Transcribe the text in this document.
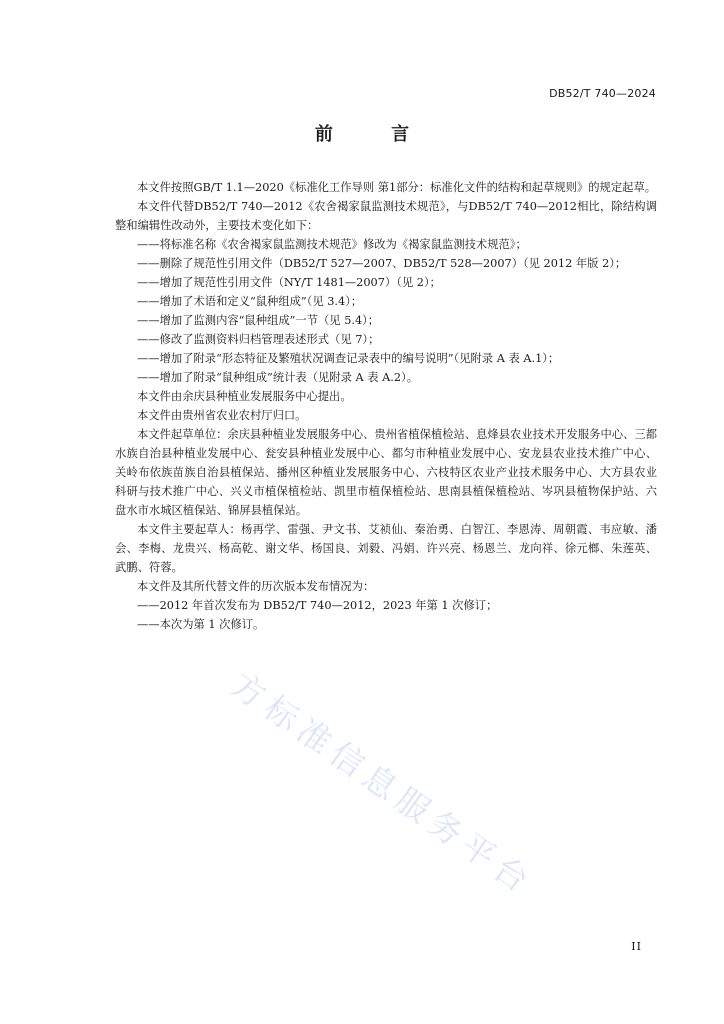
DB52/T 740—2024
前 言

本文件按照GB/T 1.1—2020《标准化工作导则 第1部分：标准化文件的结构和起草规则》的规定起草。

本文件代替DB52/T 740—2012《农舍褐家鼠监测技术规范》，与DB52/T 740—2012相比，除结构调整和编辑性改动外，主要技术变化如下：

——将标准名称《农舍褐家鼠监测技术规范》修改为《褐家鼠监测技术规范》；

——删除了规范性引用文件（DB52/T 527—2007、DB52/T 528—2007）（见 2012 年版 2）；

——增加了规范性引用文件（NY/T 1481—2007）（见 2）；

——增加了术语和定义“鼠种组成”（见 3.4）；

——增加了监测内容“鼠种组成”一节（见 5.4）；

——修改了监测资料归档管理表述形式（见 7）；

——增加了附录“形态特征及繁殖状况调查记录表中的编号说明”（见附录 A 表 A.1）；

——增加了附录“鼠种组成”统计表（见附录 A 表 A.2）。

本文件由余庆县种植业发展服务中心提出。

本文件由贵州省农业农村厅归口。

本文件起草单位：余庆县种植业发展服务中心、贵州省植保植检站、息烽县农业技术开发服务中心、三都水族自治县种植业发展中心、瓮安县种植业发展中心、都匀市种植业发展中心、安龙县农业技术推广中心、关岭布依族苗族自治县植保站、播州区种植业发展服务中心、六枝特区农业产业技术服务中心、大方县农业科研与技术推广中心、兴义市植保植检站、凯里市植保植检站、思南县植保植检站、岑巩县植物保护站、六盘水市水城区植保站、锦屏县植保站。

本文件主要起草人：杨再学、雷强、尹文书、艾祯仙、秦治勇、白智江、李恩涛、周朝霞、韦应敏、潘会、李梅、龙贵兴、杨高乾、谢文华、杨国良、刘毅、冯娟、许兴亮、杨恩兰、龙向祥、徐元榔、朱莲英、武鹏、符蓉。

本文件及其所代替文件的历次版本发布情况为：

——2012 年首次发布为 DB52/T 740—2012，2023 年第 1 次修订；

——本次为第 1 次修订。

方标准信息服务平台
II
